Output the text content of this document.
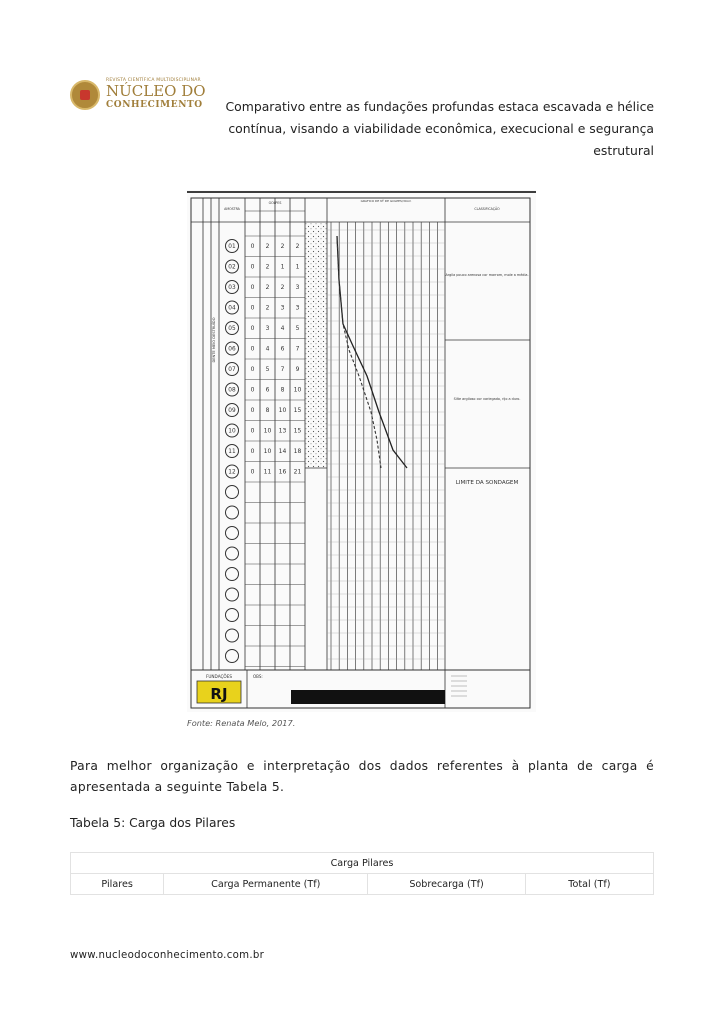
REVISTA CIENTÍFICA MULTIDISCIPLINAR
NÚCLEO DO
CONHECIMENTO	Comparativo entre as fundações profundas estaca escavada e hélice contínua, visando a viabilidade econômica, execucional e segurança estrutural
AMOSTRA
GOLPES	GRAFICO DE Nº DE GOLPES/30cm
CLASSIFICAÇÃO
DENTE MEIO DESTRUÍDO
01 0 2 2 2
02 0 2 1 1
03 0 2 2 3
04 0 2 3 3
05 0 3 4 5
06 0 4 6 7
07 0 5 7 9
08 0 6 8 10
09 0 8 10 15
10 0 10 13 15
11 0 10 14 18
12 0 11 16 21
Argila pouco arenosa cor marrom, mole a média.
Silte argiloso cor variegado, rijo a duro.
LIMITE DA SONDAGEM
FUNDAÇÕES
RJ
OBS:
Fonte: Renata Melo, 2017.
Para melhor organização e interpretação dos dados referentes à planta de carga é apresentada a seguinte Tabela 5.
Tabela 5: Carga dos Pilares
Carga Pilares
Pilares	Carga Permanente (Tf)	Sobrecarga (Tf)	Total (Tf)
www.nucleodoconhecimento.com.br
